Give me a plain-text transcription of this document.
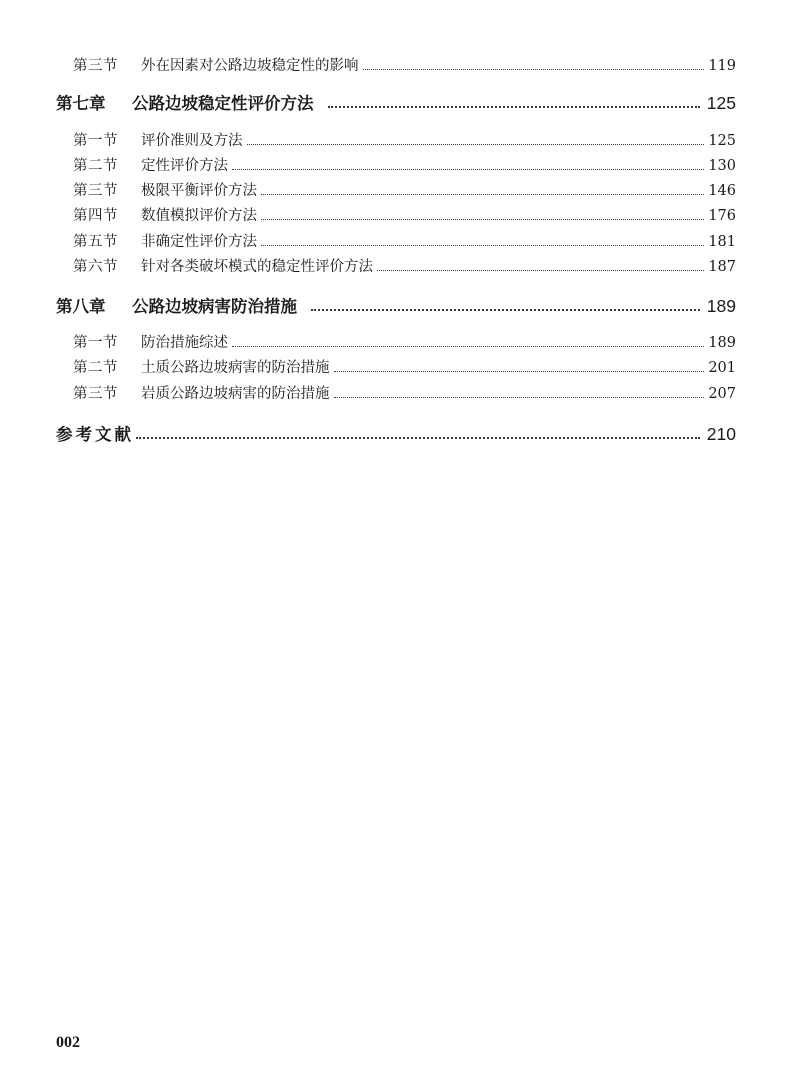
第三节	外在因素对公路边坡稳定性的影响	119
第七章	公路边坡稳定性评价方法	125
第一节	评价准则及方法	125
第二节	定性评价方法	130
第三节	极限平衡评价方法	146
第四节	数值模拟评价方法	176
第五节	非确定性评价方法	181
第六节	针对各类破坏模式的稳定性评价方法	187
第八章	公路边坡病害防治措施	189
第一节	防治措施综述	189
第二节	土质公路边坡病害的防治措施	201
第三节	岩质公路边坡病害的防治措施	207
参考文献	210
002
